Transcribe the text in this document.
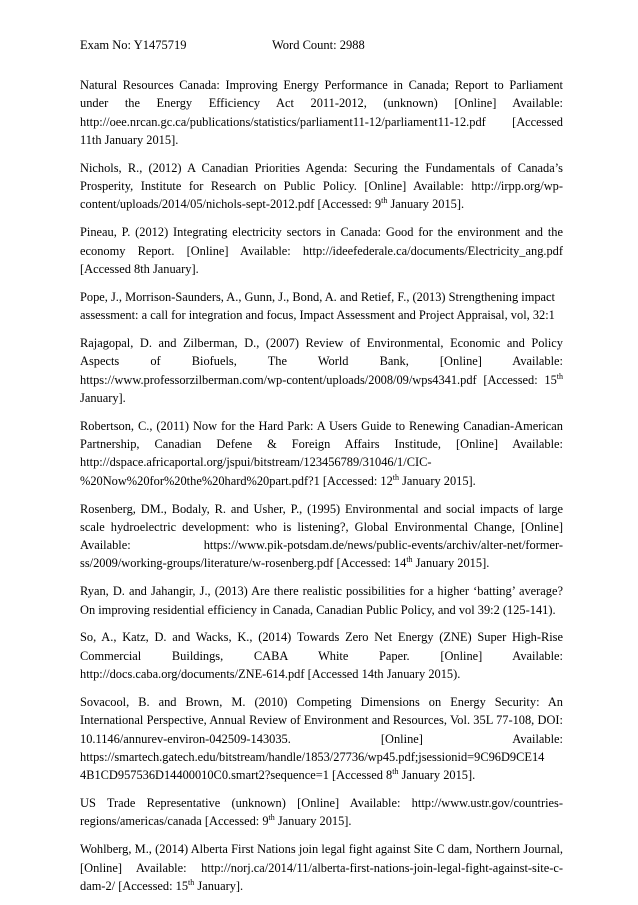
Exam No: Y1475719	Word Count: 2988

Natural Resources Canada: Improving Energy Performance in Canada; Report to Parliament under the Energy Efficiency Act 2011-2012, (unknown) [Online] Available: http://oee.nrcan.gc.ca/publications/statistics/parliament11-12/parliament11-12.pdf [Accessed 11th January 2015].

Nichols, R., (2012) A Canadian Priorities Agenda: Securing the Fundamentals of Canada’s Prosperity, Institute for Research on Public Policy. [Online] Available: http://irpp.org/wp-content/uploads/2014/05/nichols-sept-2012.pdf [Accessed: 9th January 2015].

Pineau, P. (2012) Integrating electricity sectors in Canada: Good for the environment and the economy Report. [Online] Available: http://ideefederale.ca/documents/Electricity_ang.pdf [Accessed 8th January].

Pope, J., Morrison-Saunders, A., Gunn, J., Bond, A. and Retief, F., (2013) Strengthening impact assessment: a call for integration and focus, Impact Assessment and Project Appraisal, vol, 32:1

Rajagopal, D. and Zilberman, D., (2007) Review of Environmental, Economic and Policy Aspects of Biofuels, The World Bank, [Online] Available: https://www.professorzilberman.com/wp-content/uploads/2008/09/wps4341.pdf [Accessed: 15th January].

Robertson, C., (2011) Now for the Hard Park: A Users Guide to Renewing Canadian-American Partnership, Canadian Defene & Foreign Affairs Institude, [Online] Available: http://dspace.africaportal.org/jspui/bitstream/123456789/31046/1/CIC-%20Now%20for%20the%20hard%20part.pdf?1 [Accessed: 12th January 2015].

Rosenberg, DM., Bodaly, R. and Usher, P., (1995) Environmental and social impacts of large scale hydroelectric development: who is listening?, Global Environmental Change, [Online] Available: https://www.pik-potsdam.de/news/public-events/archiv/alter-net/former-ss/2009/working-groups/literature/w-rosenberg.pdf [Accessed: 14th January 2015].

Ryan, D. and Jahangir, J., (2013) Are there realistic possibilities for a higher ‘batting’ average? On improving residential efficiency in Canada, Canadian Public Policy, and vol 39:2 (125-141).

So, A., Katz, D. and Wacks, K., (2014) Towards Zero Net Energy (ZNE) Super High-Rise Commercial Buildings, CABA White Paper. [Online] Available: http://docs.caba.org/documents/ZNE-614.pdf [Accessed 14th January 2015).

Sovacool, B. and Brown, M. (2010) Competing Dimensions on Energy Security: An International Perspective, Annual Review of Environment and Resources, Vol. 35L 77-108, DOI: 10.1146/annurev-environ-042509-143035. [Online] Available: https://smartech.gatech.edu/bitstream/handle/1853/27736/wp45.pdf;jsessionid=9C96D9CE14 4B1CD957536D14400010C0.smart2?sequence=1 [Accessed 8th January 2015].

US Trade Representative (unknown) [Online] Available: http://www.ustr.gov/countries-regions/americas/canada [Accessed: 9th January 2015].

Wohlberg, M., (2014) Alberta First Nations join legal fight against Site C dam, Northern Journal, [Online] Available: http://norj.ca/2014/11/alberta-first-nations-join-legal-fight-against-site-c-dam-2/ [Accessed: 15th January].
